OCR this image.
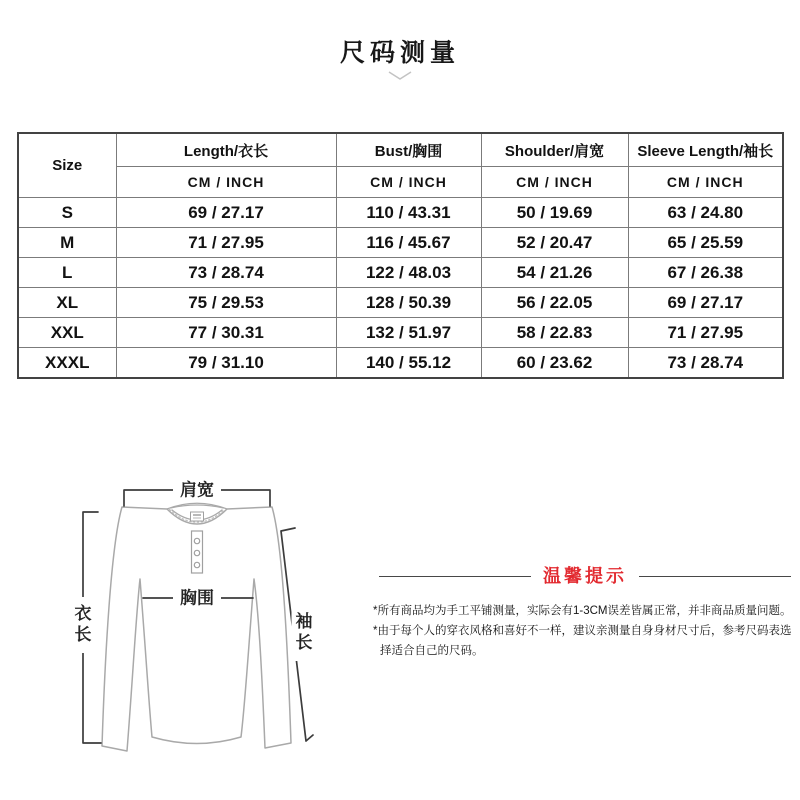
尺码测量
Size	Length/衣长	Bust/胸围	Shoulder/肩宽	Sleeve Length/袖长
	CM / INCH	CM / INCH	CM / INCH	CM / INCH
S	69 / 27.17	110 / 43.31	50 / 19.69	63 / 24.80
M	71 / 27.95	116 / 45.67	52 / 20.47	65 / 25.59
L	73 / 28.74	122 / 48.03	54 / 21.26	67 / 26.38
XL	75 / 29.53	128 / 50.39	56 / 22.05	69 / 27.17
XXL	77 / 30.31	132 / 51.97	58 / 22.83	71 / 27.95
XXXL	79 / 31.10	140 / 55.12	60 / 23.62	73 / 28.74
肩宽
衣长
胸围
袖长
温馨提示

*所有商品均为手工平铺测量，实际会有1-3CM误差皆属正常，并非商品质量问题。

*由于每个人的穿衣风格和喜好不一样，建议亲测量自身身材尺寸后，参考尺码表选择适合自己的尺码。
